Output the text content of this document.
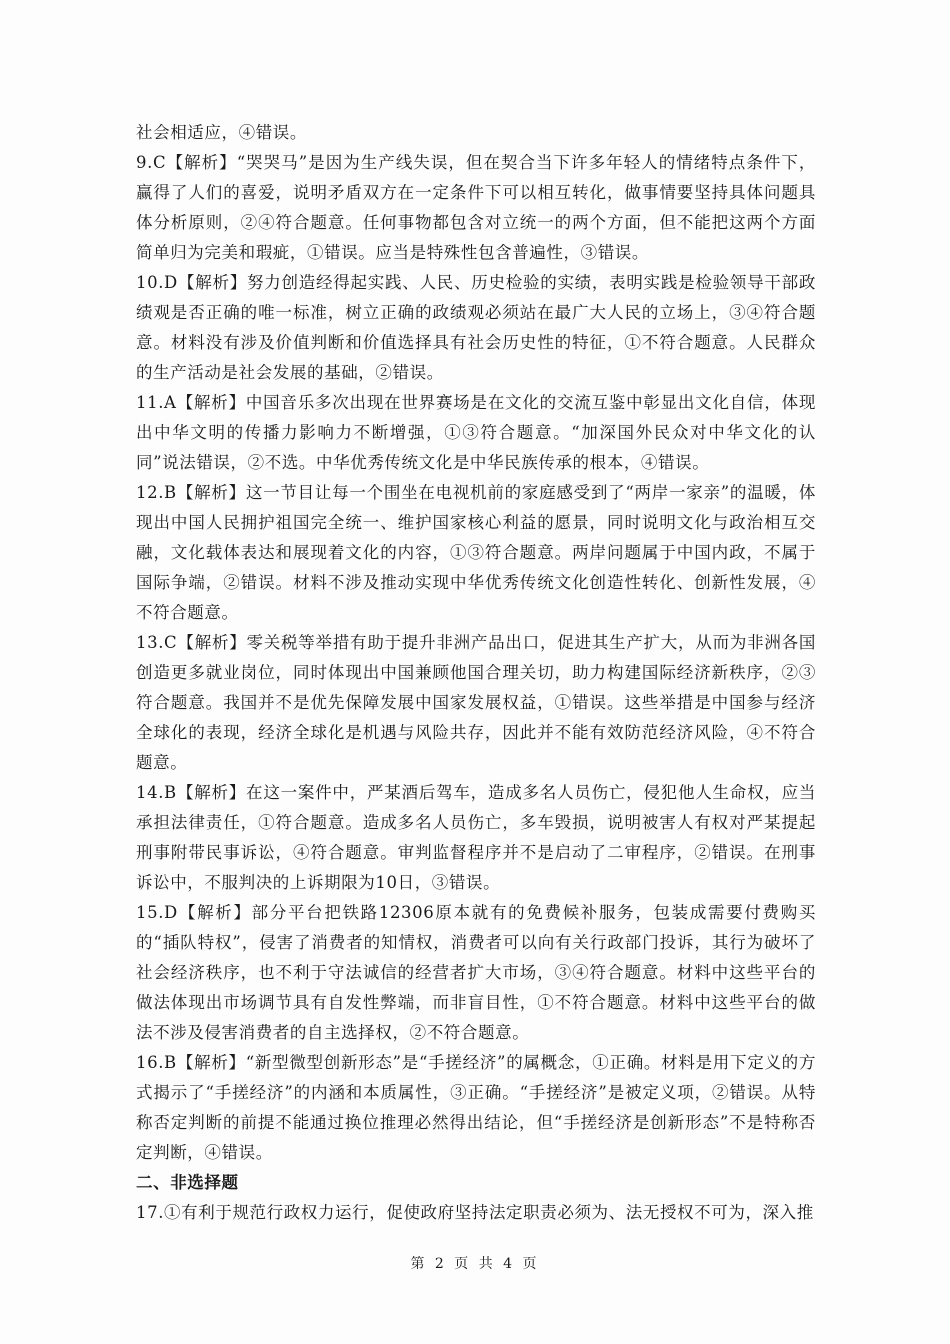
社会相适应，④错误。

9.C【解析】“哭哭马”是因为生产线失误，但在契合当下许多年轻人的情绪特点条件下，赢得了人们的喜爱，说明矛盾双方在一定条件下可以相互转化，做事情要坚持具体问题具体分析原则，②④符合题意。任何事物都包含对立统一的两个方面，但不能把这两个方面简单归为完美和瑕疵，①错误。应当是特殊性包含普遍性，③错误。

10.D【解析】努力创造经得起实践、人民、历史检验的实绩，表明实践是检验领导干部政绩观是否正确的唯一标准，树立正确的政绩观必须站在最广大人民的立场上，③④符合题意。材料没有涉及价值判断和价值选择具有社会历史性的特征，①不符合题意。人民群众的生产活动是社会发展的基础，②错误。

11.A【解析】中国音乐多次出现在世界赛场是在文化的交流互鉴中彰显出文化自信，体现出中华文明的传播力影响力不断增强，①③符合题意。“加深国外民众对中华文化的认同”说法错误，②不选。中华优秀传统文化是中华民族传承的根本，④错误。

12.B【解析】这一节目让每一个围坐在电视机前的家庭感受到了“两岸一家亲”的温暖，体现出中国人民拥护祖国完全统一、维护国家核心利益的愿景，同时说明文化与政治相互交融，文化载体表达和展现着文化的内容，①③符合题意。两岸问题属于中国内政，不属于国际争端，②错误。材料不涉及推动实现中华优秀传统文化创造性转化、创新性发展，④不符合题意。

13.C【解析】零关税等举措有助于提升非洲产品出口，促进其生产扩大，从而为非洲各国创造更多就业岗位，同时体现出中国兼顾他国合理关切，助力构建国际经济新秩序，②③符合题意。我国并不是优先保障发展中国家发展权益，①错误。这些举措是中国参与经济全球化的表现，经济全球化是机遇与风险共存，因此并不能有效防范经济风险，④不符合题意。

14.B【解析】在这一案件中，严某酒后驾车，造成多名人员伤亡，侵犯他人生命权，应当承担法律责任，①符合题意。造成多名人员伤亡，多车毁损，说明被害人有权对严某提起刑事附带民事诉讼，④符合题意。审判监督程序并不是启动了二审程序，②错误。在刑事诉讼中，不服判决的上诉期限为10日，③错误。

15.D【解析】部分平台把铁路12306原本就有的免费候补服务，包装成需要付费购买的“插队特权”，侵害了消费者的知情权，消费者可以向有关行政部门投诉，其行为破坏了社会经济秩序，也不利于守法诚信的经营者扩大市场，③④符合题意。材料中这些平台的做法体现出市场调节具有自发性弊端，而非盲目性，①不符合题意。材料中这些平台的做法不涉及侵害消费者的自主选择权，②不符合题意。

16.B【解析】“新型微型创新形态”是“手搓经济”的属概念，①正确。材料是用下定义的方式揭示了“手搓经济”的内涵和本质属性，③正确。“手搓经济”是被定义项，②错误。从特称否定判断的前提不能通过换位推理必然得出结论，但“手搓经济是创新形态”不是特称否定判断，④错误。

二、非选择题

17.①有利于规范行政权力运行，促使政府坚持法定职责必须为、法无授权不可为，深入推

第 2 页 共 4 页
